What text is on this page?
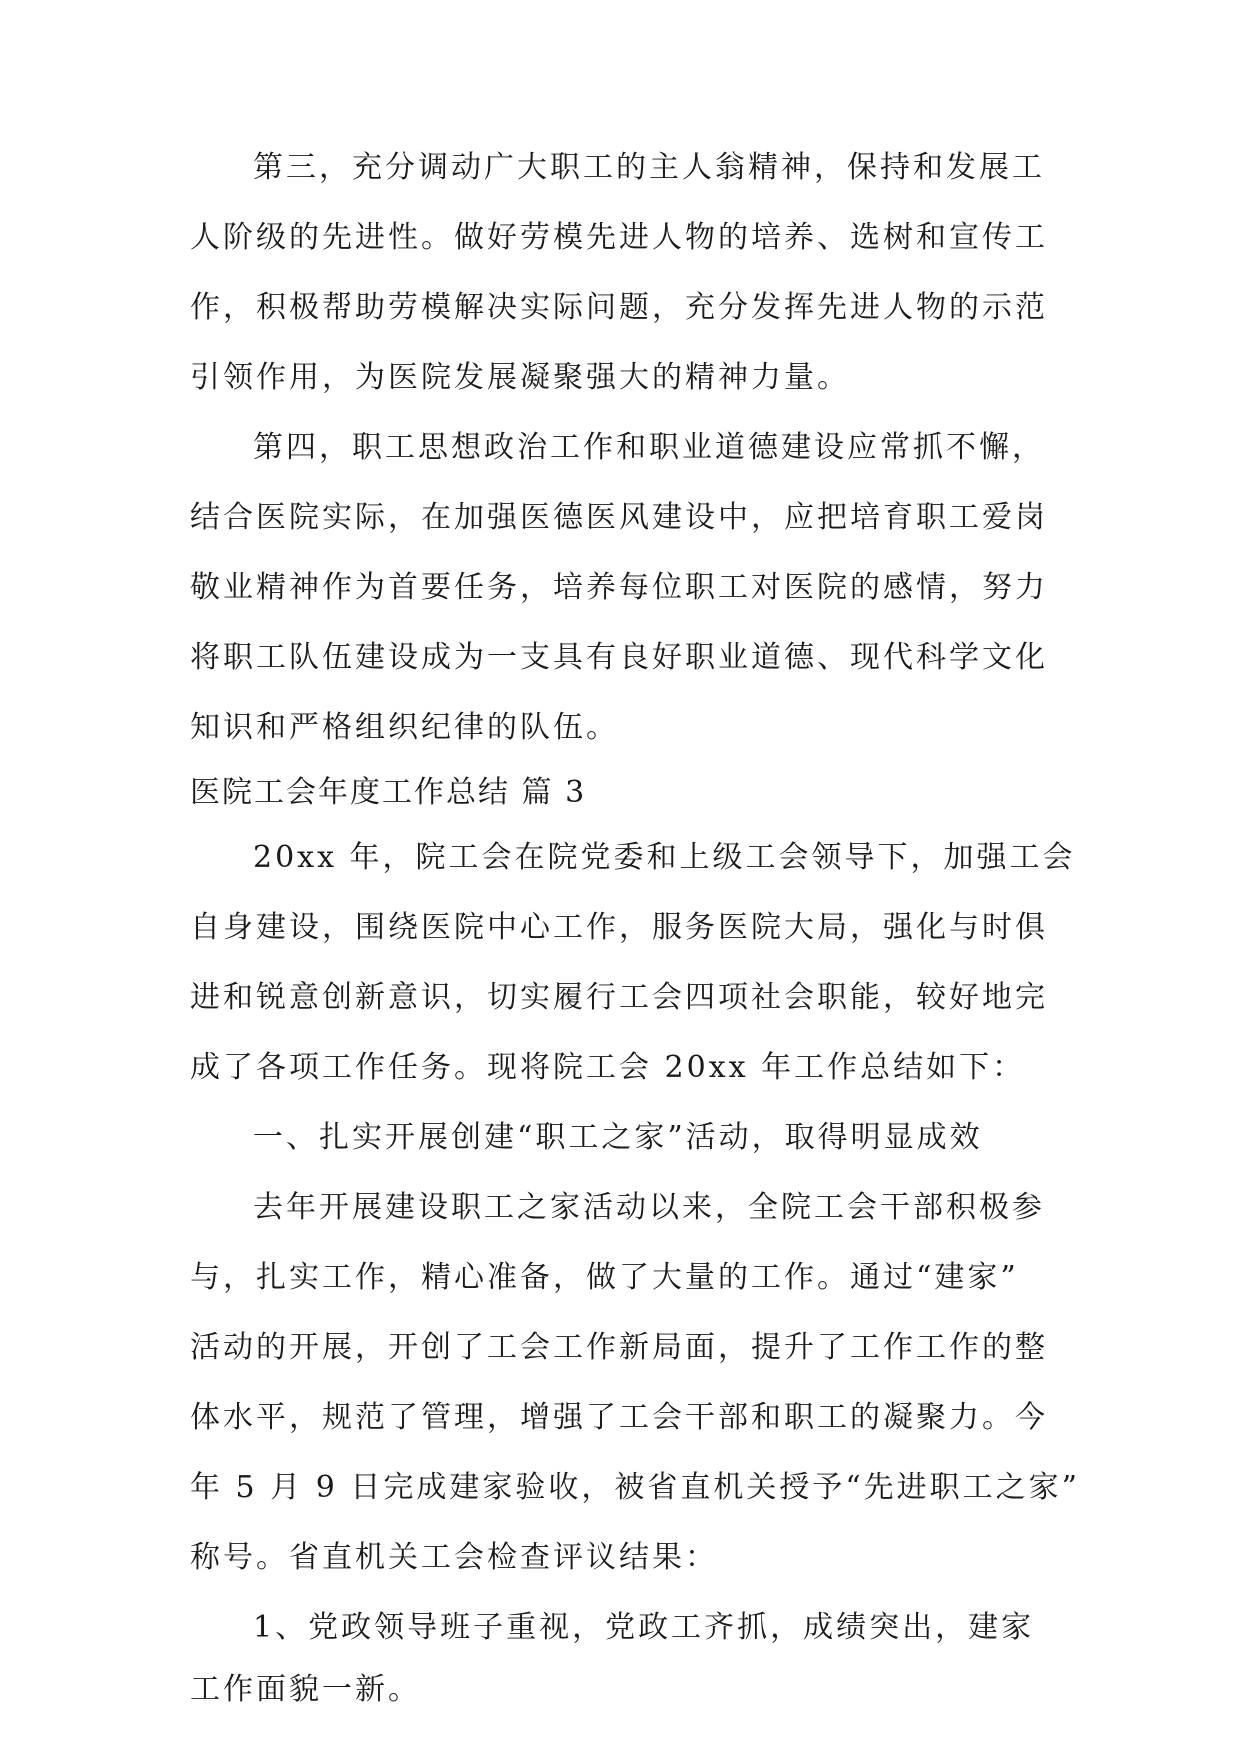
第三，充分调动广大职工的主人翁精神，保持和发展工
人阶级的先进性。做好劳模先进人物的培养、选树和宣传工
作，积极帮助劳模解决实际问题，充分发挥先进人物的示范
引领作用，为医院发展凝聚强大的精神力量。
第四，职工思想政治工作和职业道德建设应常抓不懈，
结合医院实际，在加强医德医风建设中，应把培育职工爱岗
敬业精神作为首要任务，培养每位职工对医院的感情，努力
将职工队伍建设成为一支具有良好职业道德、现代科学文化
知识和严格组织纪律的队伍。
医院工会年度工作总结 篇 3
20xx 年，院工会在院党委和上级工会领导下，加强工会
自身建设，围绕医院中心工作，服务医院大局，强化与时俱
进和锐意创新意识，切实履行工会四项社会职能，较好地完
成了各项工作任务。现将院工会 20xx 年工作总结如下：
一、扎实开展创建“职工之家”活动，取得明显成效
去年开展建设职工之家活动以来，全院工会干部积极参
与，扎实工作，精心准备，做了大量的工作。通过“建家”
活动的开展，开创了工会工作新局面，提升了工作工作的整
体水平，规范了管理，增强了工会干部和职工的凝聚力。今
年 5 月 9 日完成建家验收，被省直机关授予“先进职工之家”
称号。省直机关工会检查评议结果：
1、党政领导班子重视，党政工齐抓，成绩突出，建家
工作面貌一新。
